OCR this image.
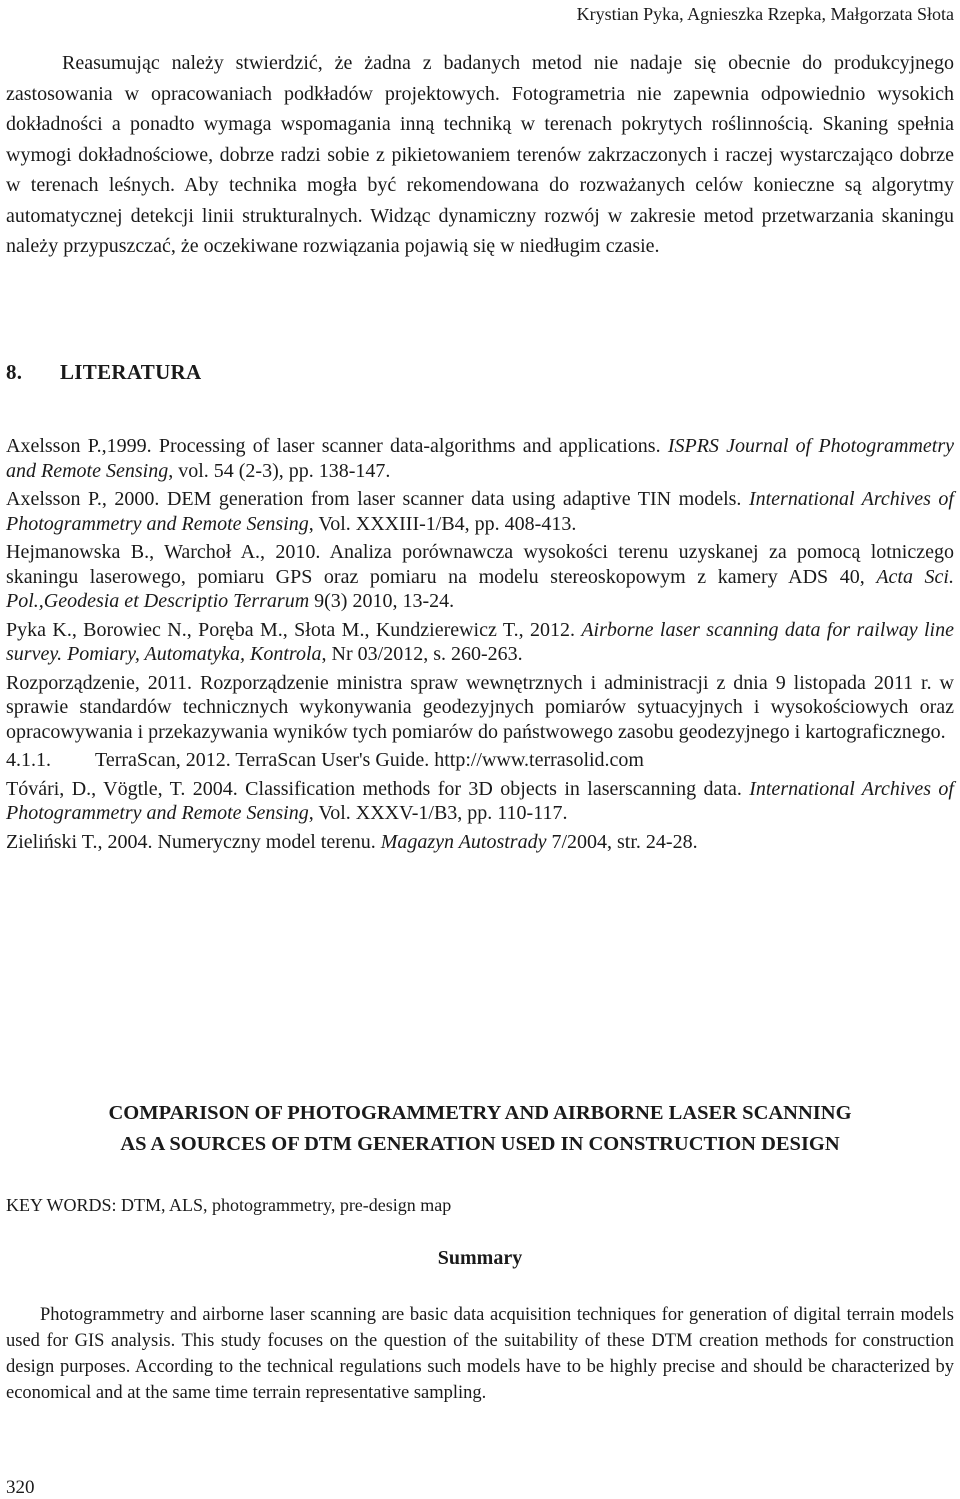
Krystian Pyka, Agnieszka Rzepka, Małgorzata Słota

Reasumując należy stwierdzić, że żadna z badanych metod nie nadaje się obecnie do produkcyjnego zastosowania w opracowaniach podkładów projektowych. Fotogrametria nie zapewnia odpowiednio wysokich dokładności a ponadto wymaga wspomagania inną techniką w terenach pokrytych roślinnością. Skaning spełnia wymogi dokładnościowe, dobrze radzi sobie z pikietowaniem terenów zakrzaczonych i raczej wystarczająco dobrze w terenach leśnych. Aby technika mogła być rekomendowana do rozważanych celów konieczne są algorytmy automatycznej detekcji linii strukturalnych. Widząc dynamiczny rozwój w zakresie metod przetwarzania skaningu należy przypuszczać, że oczekiwane rozwiązania pojawią się w niedługim czasie.

8. LITERATURA

Axelsson P.,1999. Processing of laser scanner data-algorithms and applications. ISPRS Journal of Photogrammetry and Remote Sensing, vol. 54 (2-3), pp. 138-147.

Axelsson P., 2000. DEM generation from laser scanner data using adaptive TIN models. International Archives of Photogrammetry and Remote Sensing, Vol. XXXIII-1/B4, pp. 408-413.

Hejmanowska B., Warchoł A., 2010. Analiza porównawcza wysokości terenu uzyskanej za pomocą lotniczego skaningu laserowego, pomiaru GPS oraz pomiaru na modelu stereoskopowym z kamery ADS 40, Acta Sci. Pol.,Geodesia et Descriptio Terrarum 9(3) 2010, 13-24.

Pyka K., Borowiec N., Poręba M., Słota M., Kundzierewicz T., 2012. Airborne laser scanning data for railway line survey. Pomiary, Automatyka, Kontrola, Nr 03/2012, s. 260-263.

Rozporządzenie, 2011. Rozporządzenie ministra spraw wewnętrznych i administracji z dnia 9 listopada 2011 r. w sprawie standardów technicznych wykonywania geodezyjnych pomiarów sytuacyjnych i wysokościowych oraz opracowywania i przekazywania wyników tych pomiarów do państwowego zasobu geodezyjnego i kartograficznego.

4.1.1. TerraScan, 2012. TerraScan User's Guide. http://www.terrasolid.com

Tóvári, D., Vögtle, T. 2004. Classification methods for 3D objects in laserscanning data. International Archives of Photogrammetry and Remote Sensing, Vol. XXXV-1/B3, pp. 110-117.

Zieliński T., 2004. Numeryczny model terenu. Magazyn Autostrady 7/2004, str. 24-28.

COMPARISON OF PHOTOGRAMMETRY AND AIRBORNE LASER SCANNING
AS A SOURCES OF DTM GENERATION USED IN CONSTRUCTION DESIGN

KEY WORDS: DTM, ALS, photogrammetry, pre-design map

Summary

Photogrammetry and airborne laser scanning are basic data acquisition techniques for generation of digital terrain models used for GIS analysis. This study focuses on the question of the suitability of these DTM creation methods for construction design purposes. According to the technical regulations such models have to be highly precise and should be characterized by economical and at the same time terrain representative sampling.

320
